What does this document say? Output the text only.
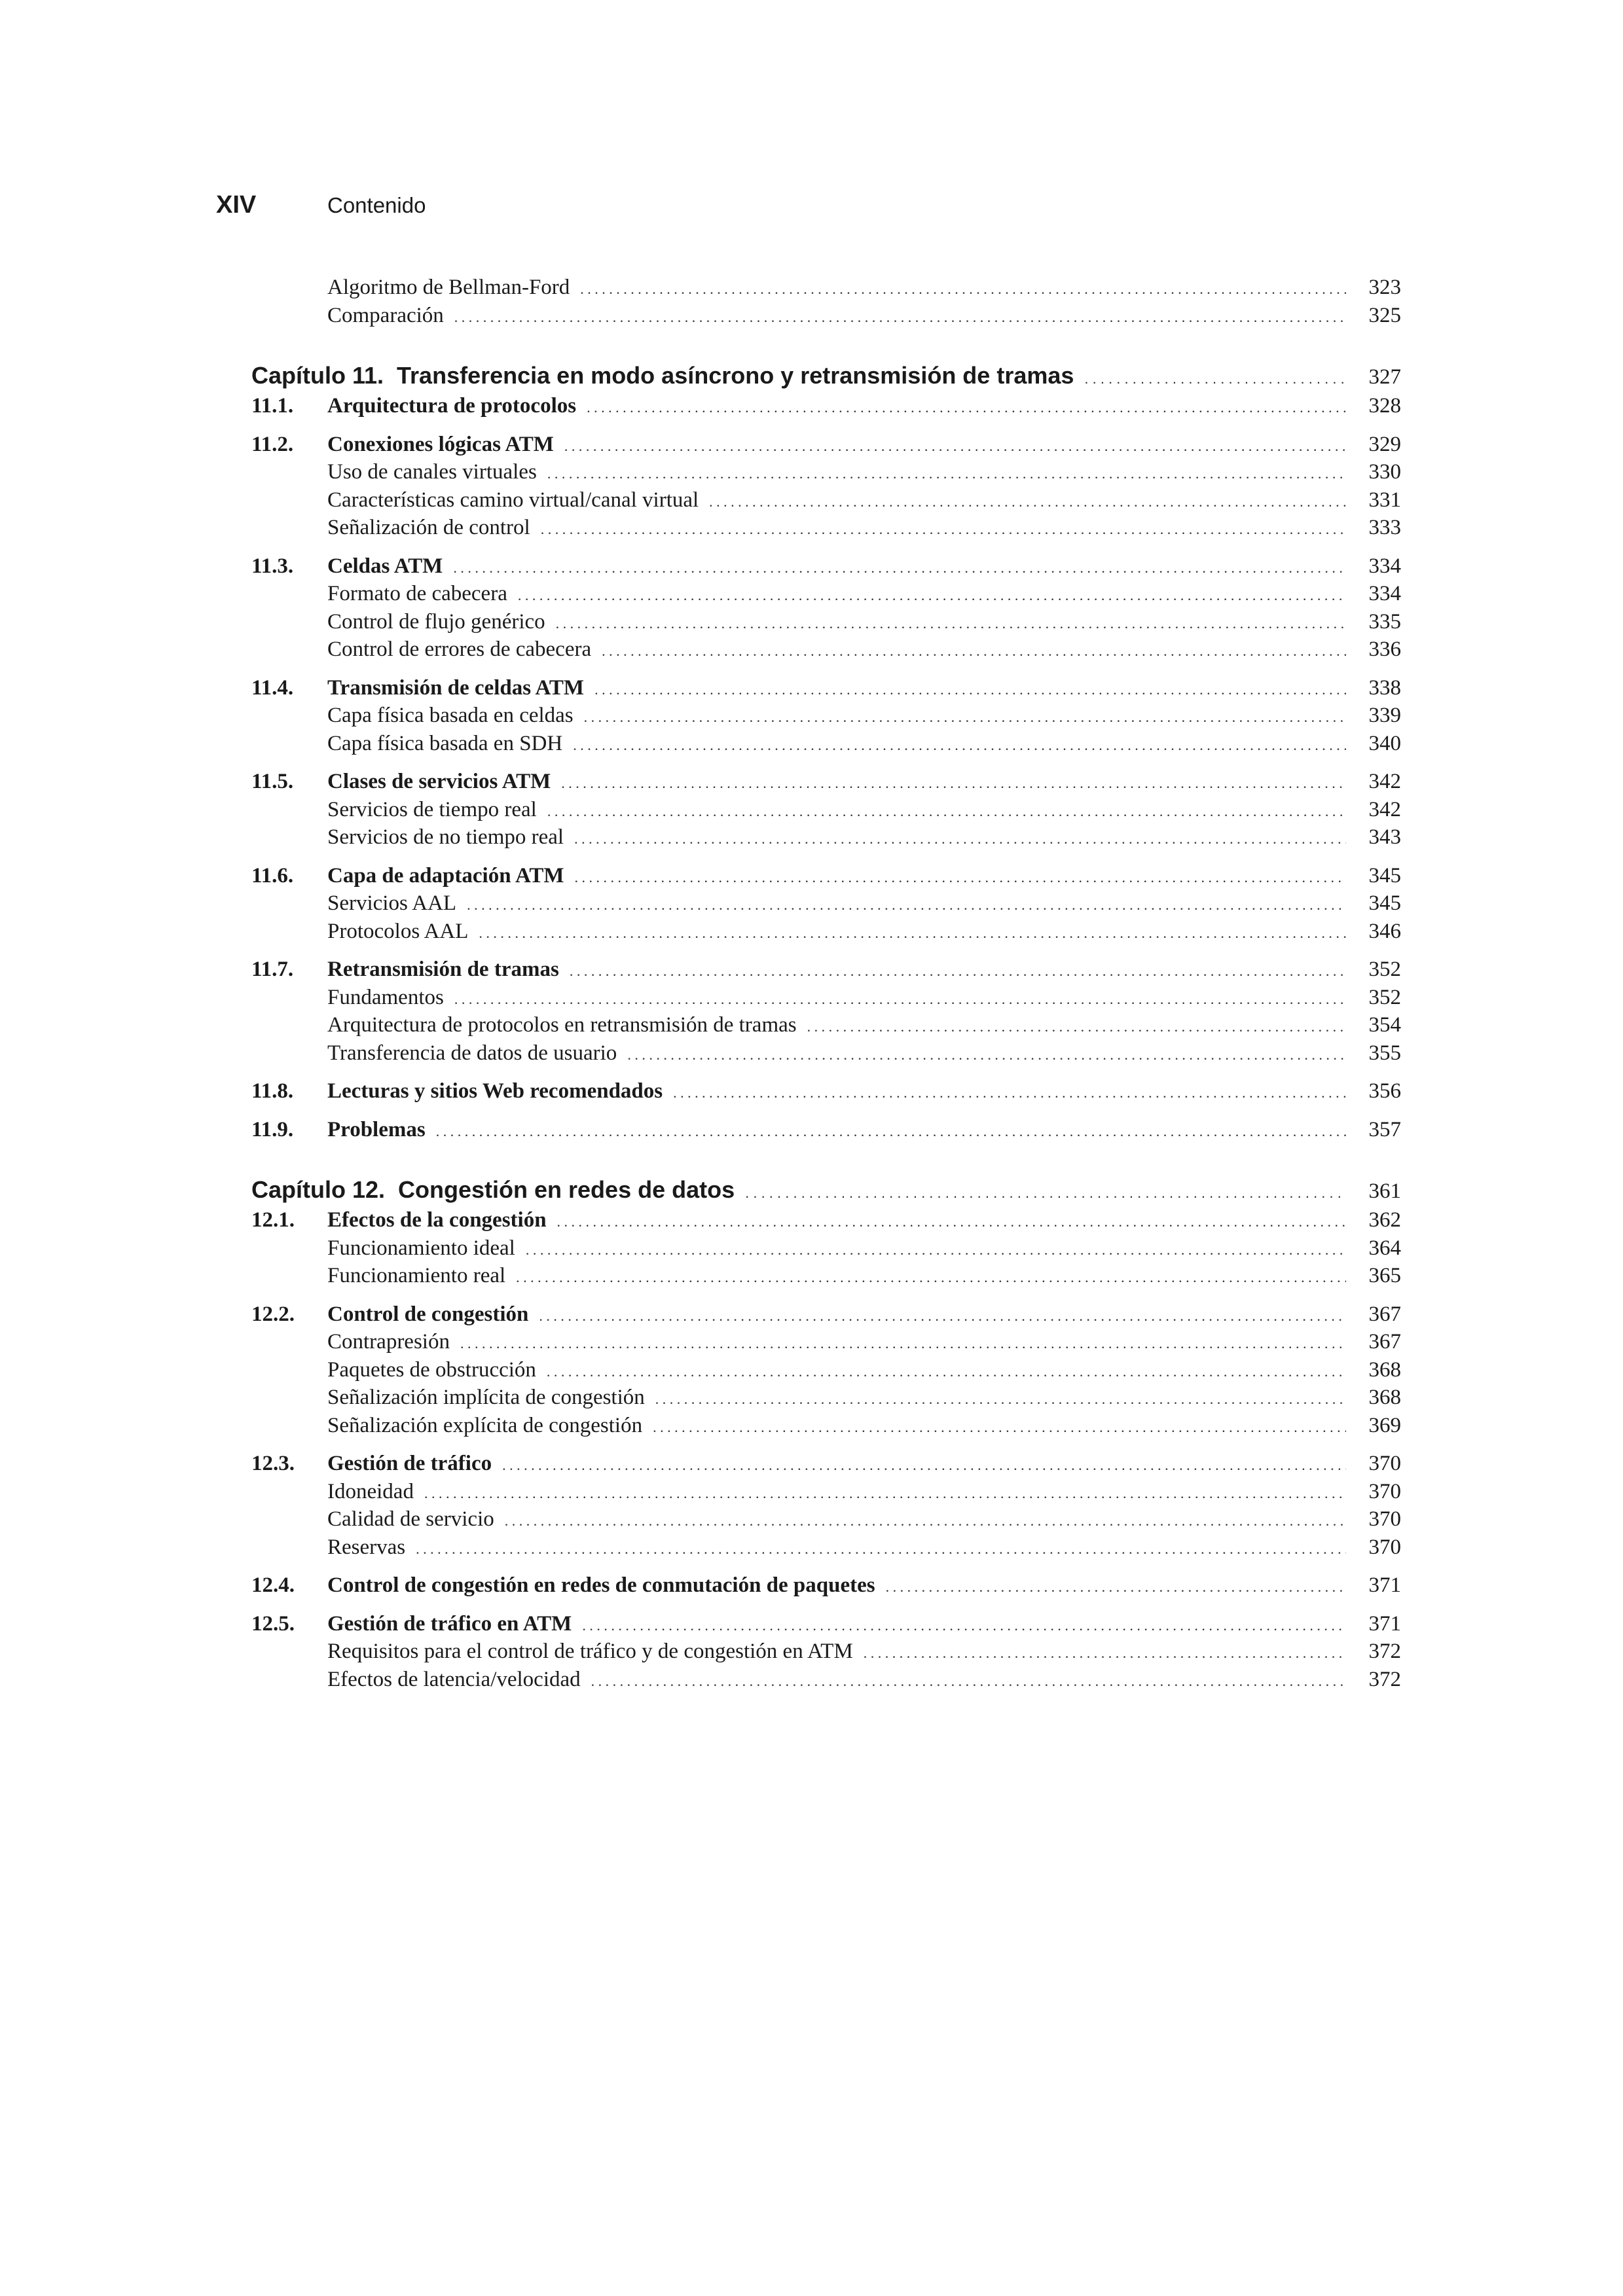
XIV	Contenido
Algoritmo de Bellman-Ford . . .	323
Comparación . . .	325
Capítulo 11. Transferencia en modo asíncrono y retransmisión de tramas . . .	327
11.1.	Arquitectura de protocolos . . .	328
11.2.	Conexiones lógicas ATM . . .	329
Uso de canales virtuales . . .	330
Características camino virtual/canal virtual . . .	331
Señalización de control . . .	333
11.3.	Celdas ATM . . .	334
Formato de cabecera . . .	334
Control de flujo genérico . . .	335
Control de errores de cabecera . . .	336
11.4.	Transmisión de celdas ATM . . .	338
Capa física basada en celdas . . .	339
Capa física basada en SDH . . .	340
11.5.	Clases de servicios ATM . . .	342
Servicios de tiempo real . . .	342
Servicios de no tiempo real . . .	343
11.6.	Capa de adaptación ATM . . .	345
Servicios AAL . . .	345
Protocolos AAL . . .	346
11.7.	Retransmisión de tramas . . .	352
Fundamentos . . .	352
Arquitectura de protocolos en retransmisión de tramas . . .	354
Transferencia de datos de usuario . . .	355
11.8.	Lecturas y sitios Web recomendados . . .	356
11.9.	Problemas . . .	357
Capítulo 12. Congestión en redes de datos . . .	361
12.1.	Efectos de la congestión . . .	362
Funcionamiento ideal . . .	364
Funcionamiento real . . .	365
12.2.	Control de congestión . . .	367
Contrapresión . . .	367
Paquetes de obstrucción . . .	368
Señalización implícita de congestión . . .	368
Señalización explícita de congestión . . .	369
12.3.	Gestión de tráfico . . .	370
Idoneidad . . .	370
Calidad de servicio . . .	370
Reservas . . .	370
12.4.	Control de congestión en redes de conmutación de paquetes . . .	371
12.5.	Gestión de tráfico en ATM . . .	371
Requisitos para el control de tráfico y de congestión en ATM . . .	372
Efectos de latencia/velocidad . . .	372
